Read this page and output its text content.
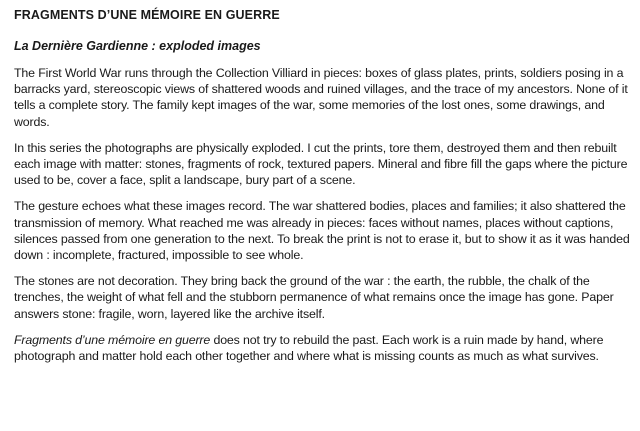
FRAGMENTS D’UNE MÉMOIRE EN GUERRE
La Dernière Gardienne : exploded images

The First World War runs through the Collection Villiard in pieces: boxes of glass plates, prints, soldiers posing in a barracks yard, stereoscopic views of shattered woods and ruined villages, and the trace of my ancestors. None of it tells a complete story. The family kept images of the war, some memories of the lost ones, some drawings, and words.

In this series the photographs are physically exploded. I cut the prints, tore them, destroyed them and then rebuilt each image with matter: stones, fragments of rock, textured papers. Mineral and fibre fill the gaps where the picture used to be, cover a face, split a landscape, bury part of a scene.

The gesture echoes what these images record. The war shattered bodies, places and families; it also shattered the transmission of memory. What reached me was already in pieces: faces without names, places without captions, silences passed from one generation to the next. To break the print is not to erase it, but to show it as it was handed down : incomplete, fractured, impossible to see whole.

The stones are not decoration. They bring back the ground of the war : the earth, the rubble, the chalk of the trenches, the weight of what fell and the stubborn permanence of what remains once the image has gone. Paper answers stone: fragile, worn, layered like the archive itself.

Fragments d’une mémoire en guerre does not try to rebuild the past. Each work is a ruin made by hand, where photograph and matter hold each other together and where what is missing counts as much as what survives.
